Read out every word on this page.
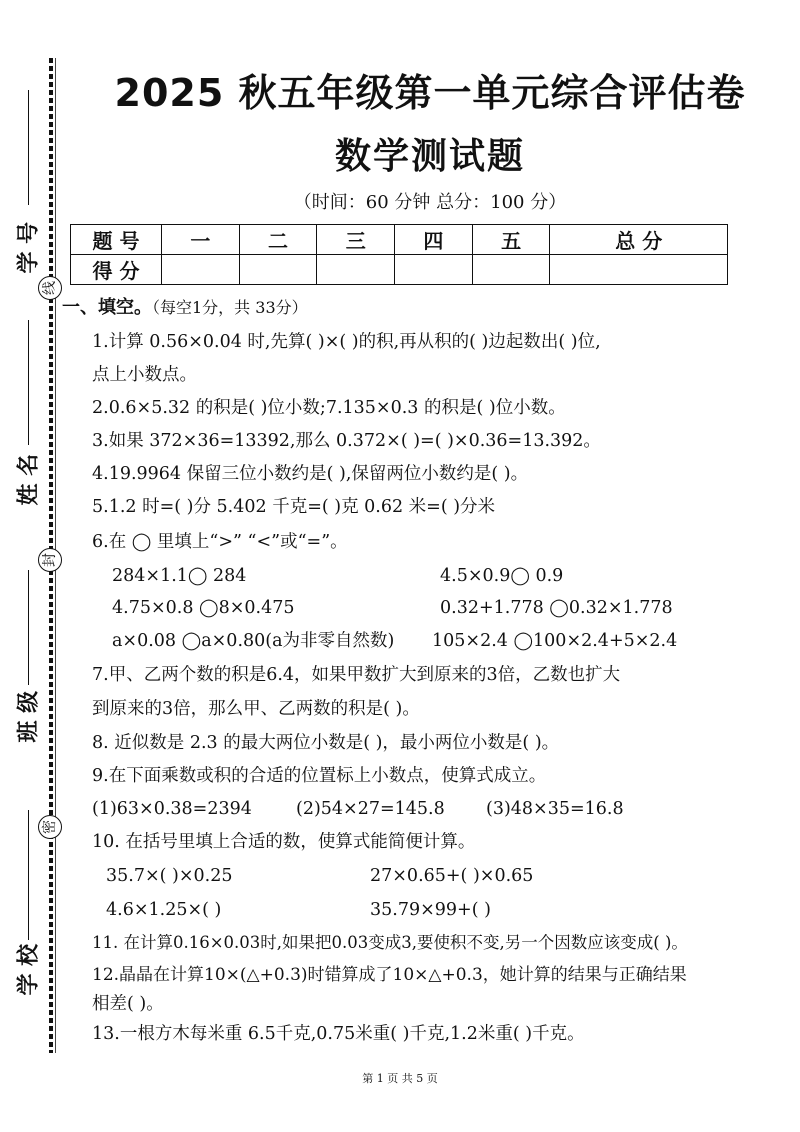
学 校
班 级
姓 名
学 号
线
封
密
2025 秋五年级第一单元综合评估卷
数学测试题
（时间：60 分钟 总分：100 分）
题 号	一	二	三	四	五	总 分
得 分						
一、填空。（每空1分，共 33分）
1.计算 0.56×0.04 时,先算( )×( )的积,再从积的( )边起数出( )位,
点上小数点。
2.0.6×5.32 的积是( )位小数;7.135×0.3 的积是( )位小数。
3.如果 372×36=13392,那么 0.372×( )=( )×0.36=13.392。
4.19.9964 保留三位小数约是( ),保留两位小数约是( )。
5.1.2 时=( )分 5.402 千克=( )克 0.62 米=( )分米
6.在 ◯ 里填上“>” “<”或“=”。
284×1.1◯ 284	4.5×0.9◯ 0.9
4.75×0.8 ◯8×0.475	0.32+1.778 ◯0.32×1.778
a×0.08 ◯a×0.80(a为非零自然数) 105×2.4 ◯100×2.4+5×2.4
7.甲、乙两个数的积是6.4，如果甲数扩大到原来的3倍，乙数也扩大
到原来的3倍，那么甲、乙两数的积是( )。
8. 近似数是 2.3 的最大两位小数是( )，最小两位小数是( )。
9.在下面乘数或积的合适的位置标上小数点，使算式成立。
(1)63×0.38=2394	(2)54×27=145.8 (3)48×35=16.8
10. 在括号里填上合适的数，使算式能简便计算。
35.7×( )×0.25	27×0.65+( )×0.65
4.6×1.25×( )	35.79×99+( )
11. 在计算0.16×0.03时,如果把0.03变成3,要使积不变,另一个因数应该变成( )。
12.晶晶在计算10×(△+0.3)时错算成了10×△+0.3，她计算的结果与正确结果
相差( )。
13.一根方木每米重 6.5千克,0.75米重( )千克,1.2米重( )千克。
第 1 页 共 5 页
